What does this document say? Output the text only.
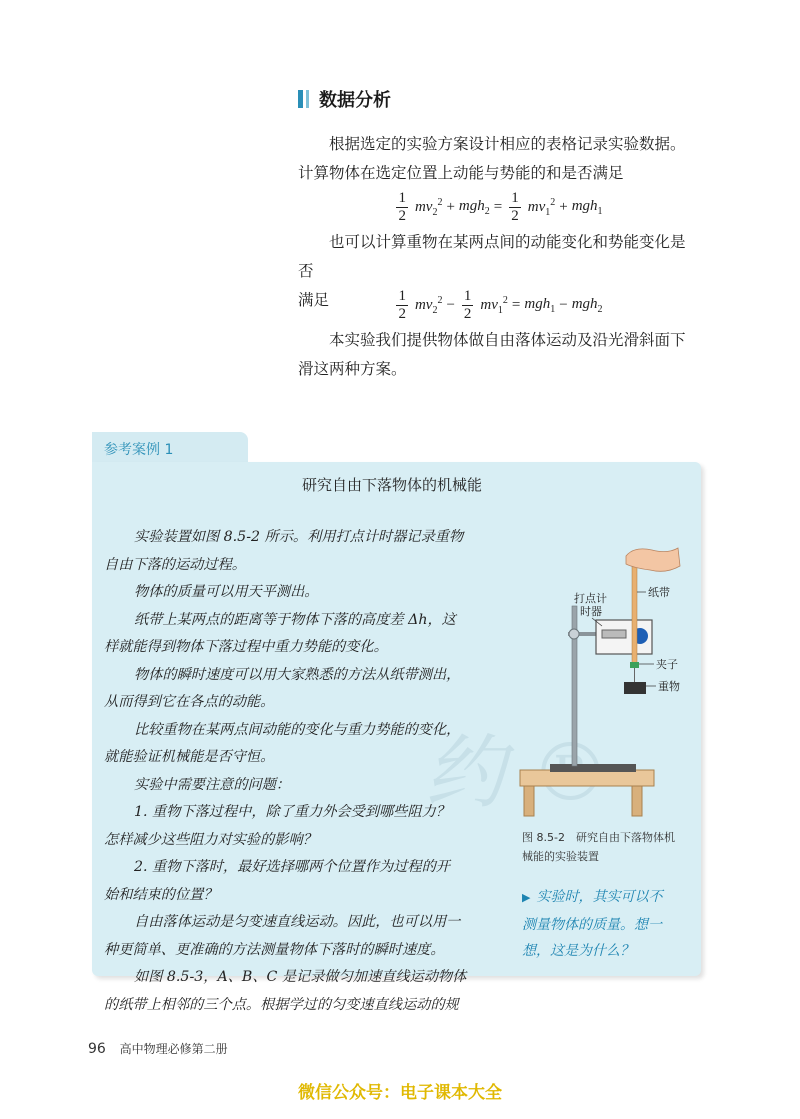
数据分析
根据选定的实验方案设计相应的表格记录实验数据。
计算物体在选定位置上动能与势能的和是否满足
$\frac{1}{2} mv_2^2 + mgh_2 = \frac{1}{2} mv_1^2 + mgh_1$
也可以计算重物在某两点间的动能变化和势能变化是否
满足	$\frac{1}{2} mv_2^2 - \frac{1}{2} mv_1^2 = mgh_1 - mgh_2$
本实验我们提供物体做自由落体运动及沿光滑斜面下
滑这两种方案。
参考案例 1
研究自由下落物体的机械能
实验装置如图 8.5-2 所示。利用打点计时器记录重物
自由下落的运动过程。
物体的质量可以用天平测出。
纸带上某两点的距离等于物体下落的高度差 Δh，这
样就能得到物体下落过程中重力势能的变化。
物体的瞬时速度可以用大家熟悉的方法从纸带测出，
从而得到它在各点的动能。
比较重物在某两点间动能的变化与重力势能的变化，
就能验证机械能是否守恒。
实验中需要注意的问题：
1. 重物下落过程中，除了重力外会受到哪些阻力？
怎样减少这些阻力对实验的影响？
2. 重物下落时，最好选择哪两个位置作为过程的开
始和结束的位置？
自由落体运动是匀变速直线运动。因此，也可以用一
种更简单、更准确的方法测量物体下落时的瞬时速度。
如图 8.5-3，A、B、C 是记录做匀加速直线运动物体
的纸带上相邻的三个点。根据学过的匀变速直线运动的规
纸带
打点计
时器
夹子
重物
图 8.5-2　研究自由下落物体机
械能的实验装置
▶ 实验时，其实可以不
测量物体的质量。想一
想，这是为什么？
96 高中物理必修第二册
微信公众号：电子课本大全
